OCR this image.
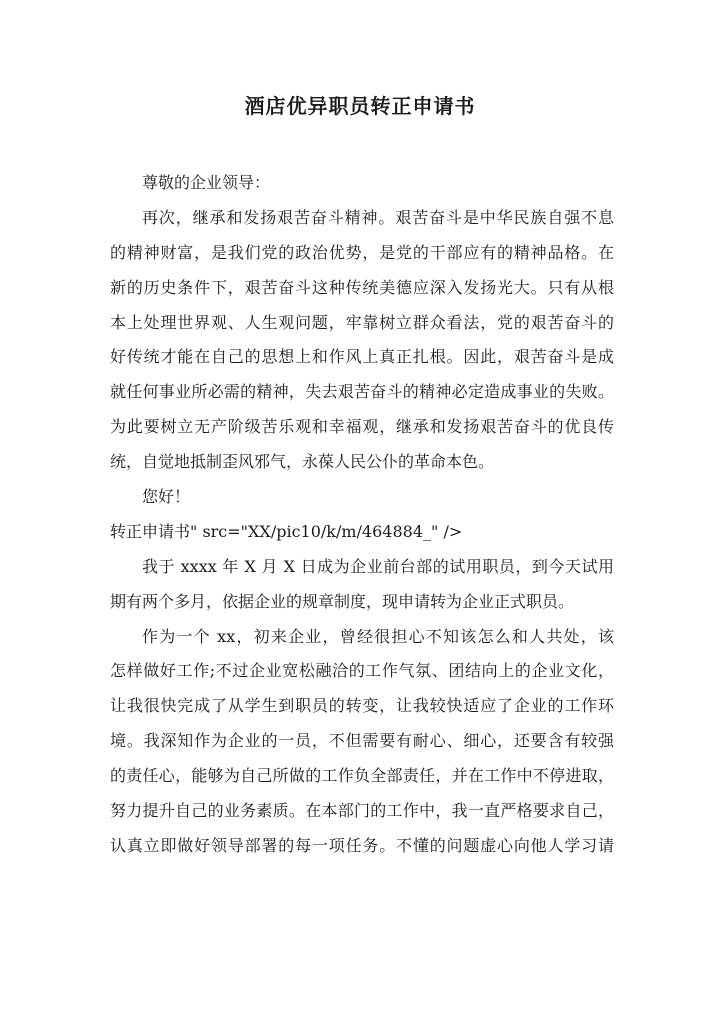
酒店优异职员转正申请书
尊敬的企业领导：
再次，继承和发扬艰苦奋斗精神。艰苦奋斗是中华民族自强不息
的精神财富，是我们党的政治优势，是党的干部应有的精神品格。在
新的历史条件下，艰苦奋斗这种传统美德应深入发扬光大。只有从根
本上处理世界观、人生观问题，牢靠树立群众看法，党的艰苦奋斗的
好传统才能在自己的思想上和作风上真正扎根。因此，艰苦奋斗是成
就任何事业所必需的精神，失去艰苦奋斗的精神必定造成事业的失败。
为此要树立无产阶级苦乐观和幸福观，继承和发扬艰苦奋斗的优良传
统，自觉地抵制歪风邪气，永葆人民公仆的革命本色。
您好！
转正申请书" src="XX/pic10/k/m/464884_" />
我于 xxxx 年 X 月 X 日成为企业前台部的试用职员，到今天试用
期有两个多月，依据企业的规章制度，现申请转为企业正式职员。
作为一个 xx，初来企业，曾经很担心不知该怎么和人共处，该
怎样做好工作;不过企业宽松融洽的工作气氛、团结向上的企业文化，
让我很快完成了从学生到职员的转变，让我较快适应了企业的工作环
境。我深知作为企业的一员，不但需要有耐心、细心，还要含有较强
的责任心，能够为自己所做的工作负全部责任，并在工作中不停进取，
努力提升自己的业务素质。在本部门的工作中，我一直严格要求自己，
认真立即做好领导部署的每一项任务。不懂的问题虚心向他人学习请
